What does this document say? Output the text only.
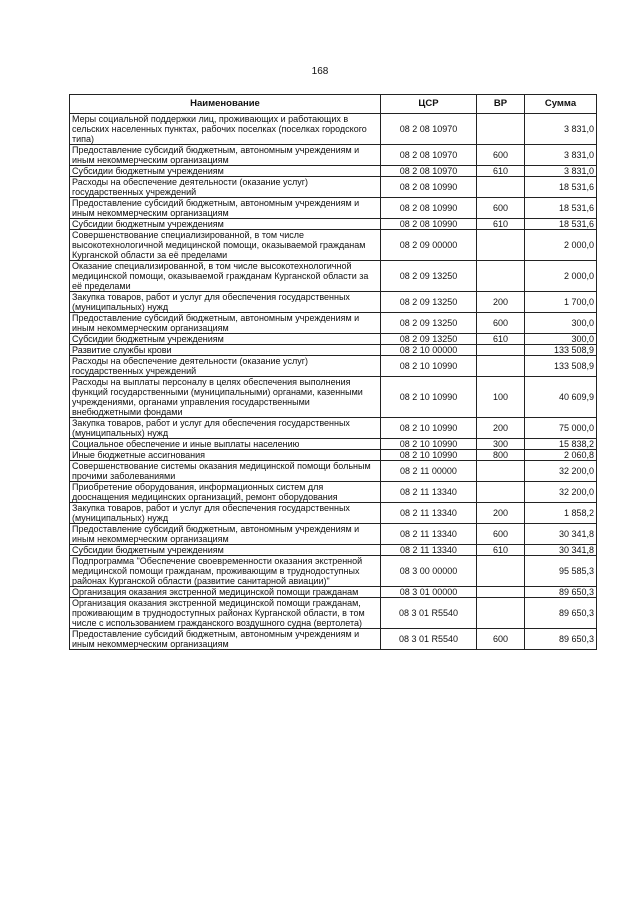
168
Наименование	ЦСР	ВР	Сумма
Меры социальной поддержки лиц, проживающих и работающих в сельских населенных пунктах, рабочих поселках (поселках городского типа)	08 2 08 10970		3 831,0
Предоставление субсидий бюджетным, автономным учреждениям и иным некоммерческим организациям	08 2 08 10970	600	3 831,0
Субсидии бюджетным учреждениям	08 2 08 10970	610	3 831,0
Расходы на обеспечение деятельности (оказание услуг) государственных учреждений	08 2 08 10990		18 531,6
Предоставление субсидий бюджетным, автономным учреждениям и иным некоммерческим организациям	08 2 08 10990	600	18 531,6
Субсидии бюджетным учреждениям	08 2 08 10990	610	18 531,6
Совершенствование специализированной, в том числе высокотехнологичной медицинской помощи, оказываемой гражданам Курганской области за её пределами	08 2 09 00000		2 000,0
Оказание специализированной, в том числе высокотехнологичной медицинской помощи, оказываемой гражданам Курганской области за её пределами	08 2 09 13250		2 000,0
Закупка товаров, работ и услуг для обеспечения государственных (муниципальных) нужд	08 2 09 13250	200	1 700,0
Предоставление субсидий бюджетным, автономным учреждениям и иным некоммерческим организациям	08 2 09 13250	600	300,0
Субсидии бюджетным учреждениям	08 2 09 13250	610	300,0
Развитие службы крови	08 2 10 00000		133 508,9
Расходы на обеспечение деятельности (оказание услуг) государственных учреждений	08 2 10 10990		133 508,9
Расходы на выплаты персоналу в целях обеспечения выполнения функций государственными (муниципальными) органами, казенными учреждениями, органами управления государственными внебюджетными фондами	08 2 10 10990	100	40 609,9
Закупка товаров, работ и услуг для обеспечения государственных (муниципальных) нужд	08 2 10 10990	200	75 000,0
Социальное обеспечение и иные выплаты населению	08 2 10 10990	300	15 838,2
Иные бюджетные ассигнования	08 2 10 10990	800	2 060,8
Совершенствование системы оказания медицинской помощи больным прочими заболеваниями	08 2 11 00000		32 200,0
Приобретение оборудования, информационных систем для дооснащения медицинских организаций, ремонт оборудования	08 2 11 13340		32 200,0
Закупка товаров, работ и услуг для обеспечения государственных (муниципальных) нужд	08 2 11 13340	200	1 858,2
Предоставление субсидий бюджетным, автономным учреждениям и иным некоммерческим организациям	08 2 11 13340	600	30 341,8
Субсидии бюджетным учреждениям	08 2 11 13340	610	30 341,8
Подпрограмма "Обеспечение своевременности оказания экстренной медицинской помощи гражданам, проживающим в труднодоступных районах Курганской области (развитие санитарной авиации)"	08 3 00 00000		95 585,3
Организация оказания экстренной медицинской помощи гражданам	08 3 01 00000		89 650,3
Организация оказания экстренной медицинской помощи гражданам, проживающим в труднодоступных районах Курганской области, в том числе с использованием гражданского воздушного судна (вертолета)	08 3 01 R5540		89 650,3
Предоставление субсидий бюджетным, автономным учреждениям и иным некоммерческим организациям	08 3 01 R5540	600	89 650,3
